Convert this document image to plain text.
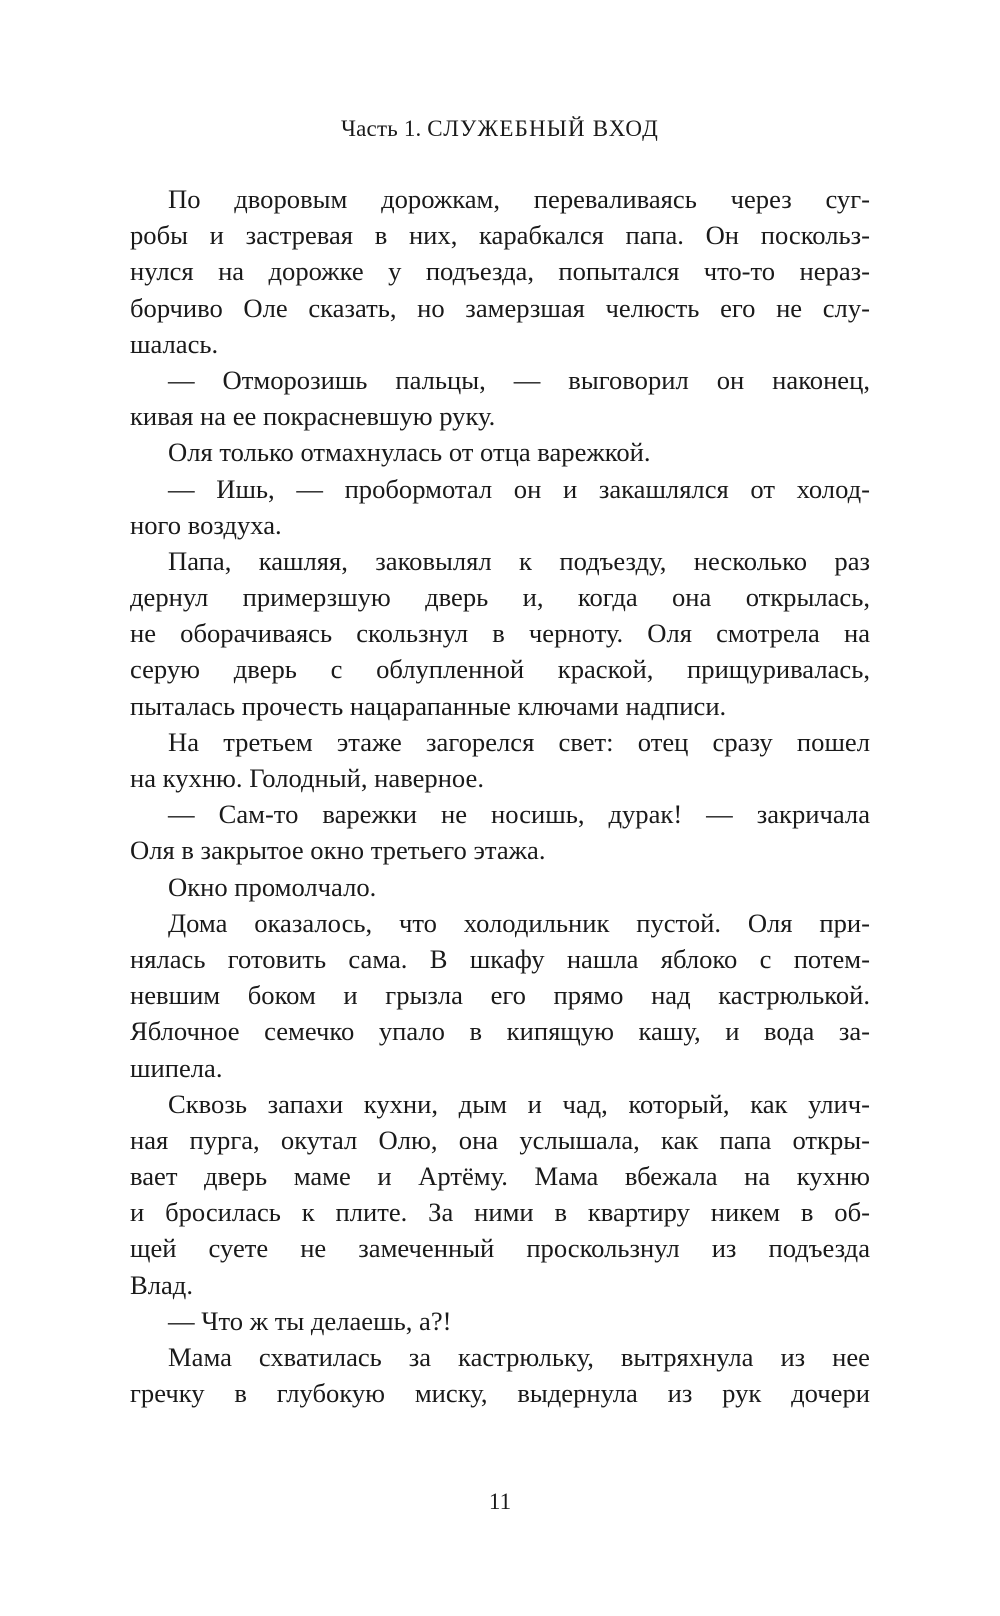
Часть 1. СЛУЖЕБНЫЙ ВХОД
По дворовым дорожкам, переваливаясь через суг-
робы и застревая в них, карабкался папа. Он поскольз-
нулся на дорожке у подъезда, попытался что-то нераз-
борчиво Оле сказать, но замерзшая челюсть его не слу-
шалась.
— Отморозишь пальцы, — выговорил он наконец,
кивая на ее покрасневшую руку.
Оля только отмахнулась от отца варежкой.
— Ишь, — пробормотал он и закашлялся от холод-
ного воздуха.
Папа, кашляя, заковылял к подъезду, несколько раз
дернул примерзшую дверь и, когда она открылась,
не оборачиваясь скользнул в черноту. Оля смотрела на
серую дверь с облупленной краской, прищуривалась,
пыталась прочесть нацарапанные ключами надписи.
На третьем этаже загорелся свет: отец сразу пошел
на кухню. Голодный, наверное.
— Сам-то варежки не носишь, дурак! — закричала
Оля в закрытое окно третьего этажа.
Окно промолчало.
Дома оказалось, что холодильник пустой. Оля при-
нялась готовить сама. В шкафу нашла яблоко с потем-
невшим боком и грызла его прямо над кастрюлькой.
Яблочное семечко упало в кипящую кашу, и вода за-
шипела.
Сквозь запахи кухни, дым и чад, который, как улич-
ная пурга, окутал Олю, она услышала, как папа откры-
вает дверь маме и Артёму. Мама вбежала на кухню
и бросилась к плите. За ними в квартиру никем в об-
щей суете не замеченный проскользнул из подъезда
Влад.
— Что ж ты делаешь, а?!
Мама схватилась за кастрюльку, вытряхнула из нее
гречку в глубокую миску, выдернула из рук дочери
11
